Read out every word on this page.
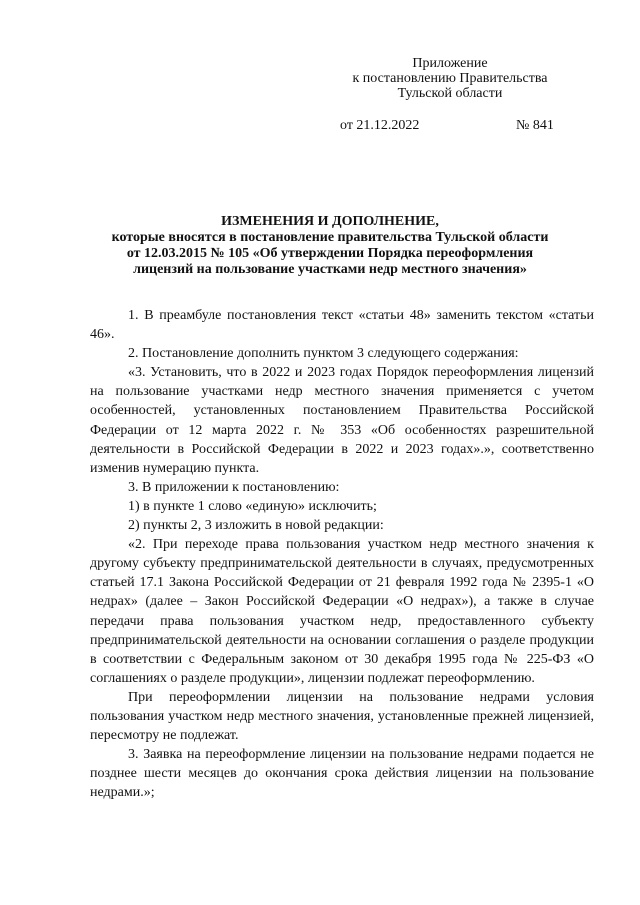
Приложение
к постановлению Правительства
Тульской области
от 21.12.2022	№ 841
ИЗМЕНЕНИЯ И ДОПОЛНЕНИЕ,
которые вносятся в постановление правительства Тульской области
от 12.03.2015 № 105 «Об утверждении Порядка переоформления
лицензий на пользование участками недр местного значения»

1. В преамбуле постановления текст «статьи 48» заменить текстом «статьи 46».

2. Постановление дополнить пунктом 3 следующего содержания:

«3. Установить, что в 2022 и 2023 годах Порядок переоформления лицензий на пользование участками недр местного значения применяется с учетом особенностей, установленных постановлением Правительства Российской Федерации от 12 марта 2022 г. № 353 «Об особенностях разрешительной деятельности в Российской Федерации в 2022 и 2023 годах».», соответственно изменив нумерацию пункта.

3. В приложении к постановлению:

1) в пункте 1 слово «единую» исключить;

2) пункты 2, 3 изложить в новой редакции:

«2. При переходе права пользования участком недр местного значения к другому субъекту предпринимательской деятельности в случаях, предусмотренных статьей 17.1 Закона Российской Федерации от 21 февраля 1992 года № 2395-1 «О недрах» (далее – Закон Российской Федерации «О недрах»), а также в случае передачи права пользования участком недр, предоставленного субъекту предпринимательской деятельности на основании соглашения о разделе продукции в соответствии с Федеральным законом от 30 декабря 1995 года № 225-ФЗ «О соглашениях о разделе продукции», лицензии подлежат переоформлению.

При переоформлении лицензии на пользование недрами условия пользования участком недр местного значения, установленные прежней лицензией, пересмотру не подлежат.

3. Заявка на переоформление лицензии на пользование недрами подается не позднее шести месяцев до окончания срока действия лицензии на пользование недрами.»;
